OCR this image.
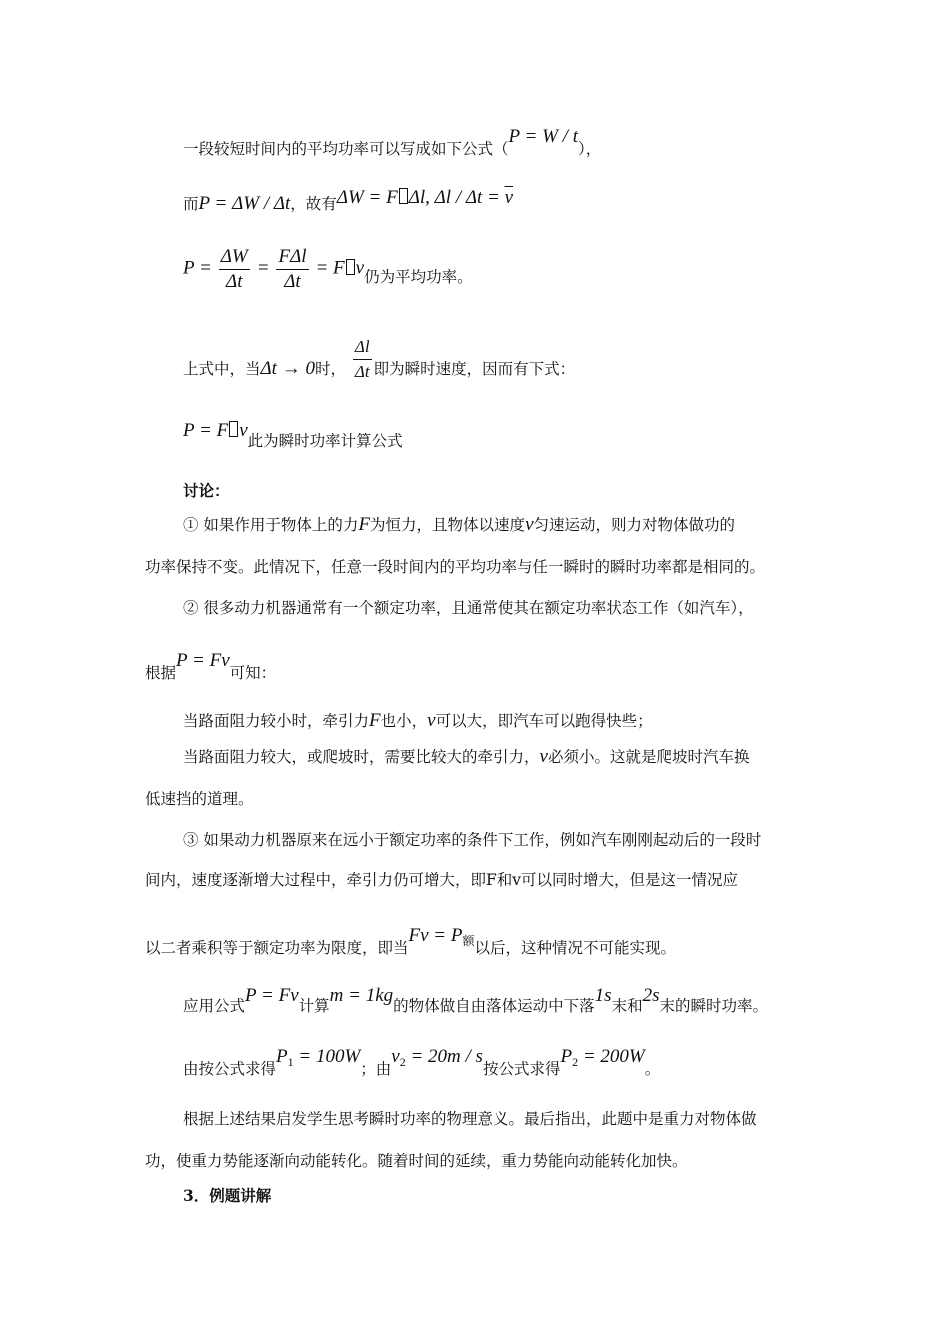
一段较短时间内的平均功率可以写成如下公式（P = W / t），
而P = ΔW / Δt，故有ΔW = F Δl, $\Delta l / \Delta t = \overline{v}$
$P = \frac{\Delta W}{\Delta t} = \frac{\text{FΔl}}{\Delta t} = F$ v仍为平均功率。
上式中，当Δt → 0时， $\frac{\Delta l}{\Delta t}$ 即为瞬时速度，因而有下式：
P = F v此为瞬时功率计算公式
讨论：
① 如果作用于物体上的力F为恒力，且物体以速度v匀速运动，则力对物体做功的
功率保持不变。此情况下，任意一段时间内的平均功率与任一瞬时的瞬时功率都是相同的。
② 很多动力机器通常有一个额定功率，且通常使其在额定功率状态工作（如汽车），
根据P = Fv可知：
当路面阻力较小时，牵引力F也小，v可以大，即汽车可以跑得快些；
当路面阻力较大，或爬坡时，需要比较大的牵引力，v必须小。这就是爬坡时汽车换
低速挡的道理。
③ 如果动力机器原来在远小于额定功率的条件下工作，例如汽车刚刚起动后的一段时
间内，速度逐渐增大过程中，牵引力仍可增大，即F和v可以同时增大，但是这一情况应
以二者乘积等于额定功率为限度，即当$Fv = P_额$以后，这种情况不可能实现。
应用公式P = Fv计算m = 1kg的物体做自由落体运动中下落1s末和2s末的瞬时功率。
由按公式求得$P_1 = 100W$；由$v_2 = 20m / s$按公式求得$P_2 = 200W$。
根据上述结果启发学生思考瞬时功率的物理意义。最后指出，此题中是重力对物体做
功，使重力势能逐渐向动能转化。随着时间的延续，重力势能向动能转化加快。
3．例题讲解
